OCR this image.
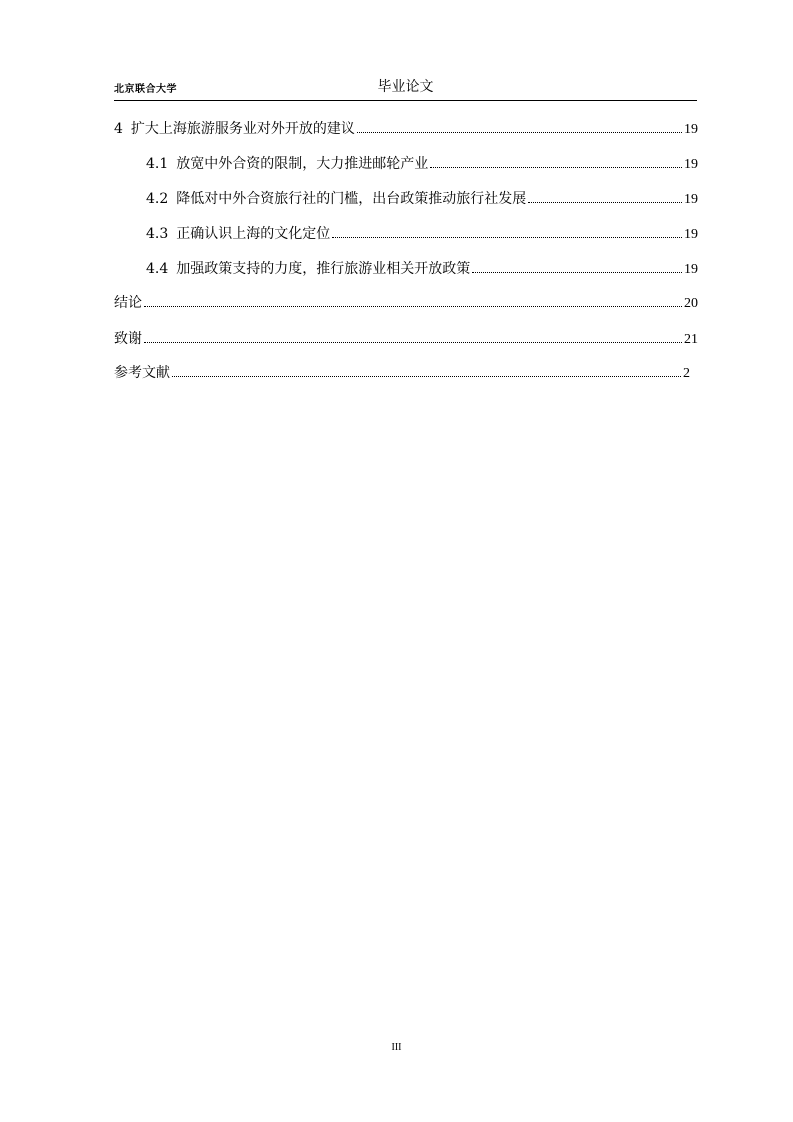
北京联合大学	毕业论文
4 扩大上海旅游服务业对外开放的建议	19
4.1 放宽中外合资的限制，大力推进邮轮产业	19
4.2 降低对中外合资旅行社的门槛，出台政策推动旅行社发展	19
4.3 正确认识上海的文化定位	19
4.4 加强政策支持的力度，推行旅游业相关开放政策	19
结论	20
致谢	21
参考文献	2
III
